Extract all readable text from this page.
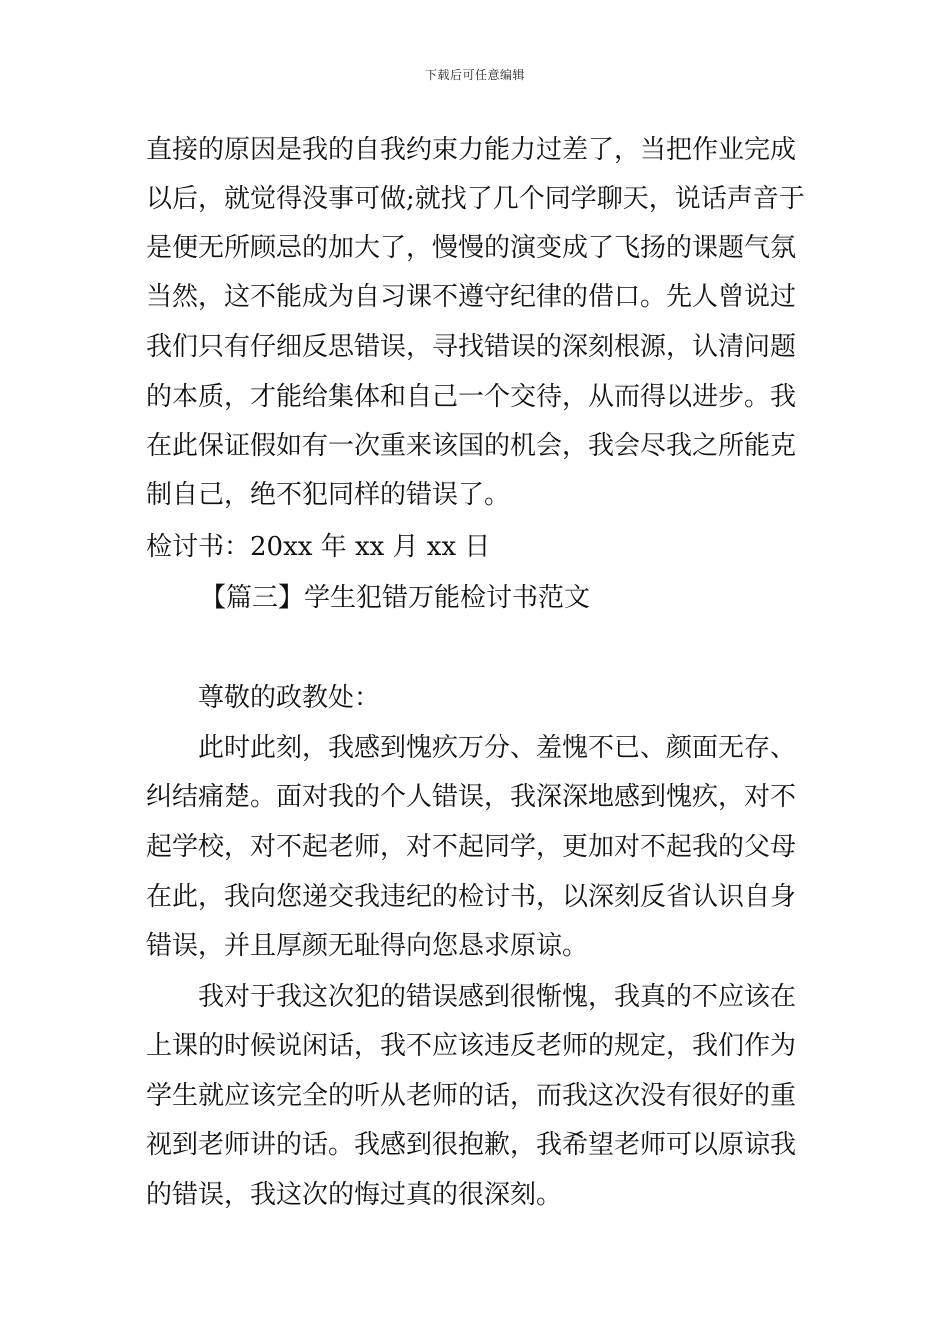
下载后可任意编辑
直接的原因是我的自我约束力能力过差了，当把作业完成
以后，就觉得没事可做;就找了几个同学聊天，说话声音于
是便无所顾忌的加大了，慢慢的演变成了飞扬的课题气氛
当然，这不能成为自习课不遵守纪律的借口。先人曾说过
我们只有仔细反思错误，寻找错误的深刻根源，认清问题
的本质，才能给集体和自己一个交待，从而得以进步。我
在此保证假如有一次重来该国的机会，我会尽我之所能克
制自己，绝不犯同样的错误了。
检讨书：20xx 年 xx 月 xx 日
【篇三】学生犯错万能检讨书范文
尊敬的政教处：
此时此刻，我感到愧疚万分、羞愧不已、颜面无存、
纠结痛楚。面对我的个人错误，我深深地感到愧疚，对不
起学校，对不起老师，对不起同学，更加对不起我的父母
在此，我向您递交我违纪的检讨书，以深刻反省认识自身
错误，并且厚颜无耻得向您恳求原谅。
我对于我这次犯的错误感到很惭愧，我真的不应该在
上课的时候说闲话，我不应该违反老师的规定，我们作为
学生就应该完全的听从老师的话，而我这次没有很好的重
视到老师讲的话。我感到很抱歉，我希望老师可以原谅我
的错误，我这次的悔过真的很深刻。
